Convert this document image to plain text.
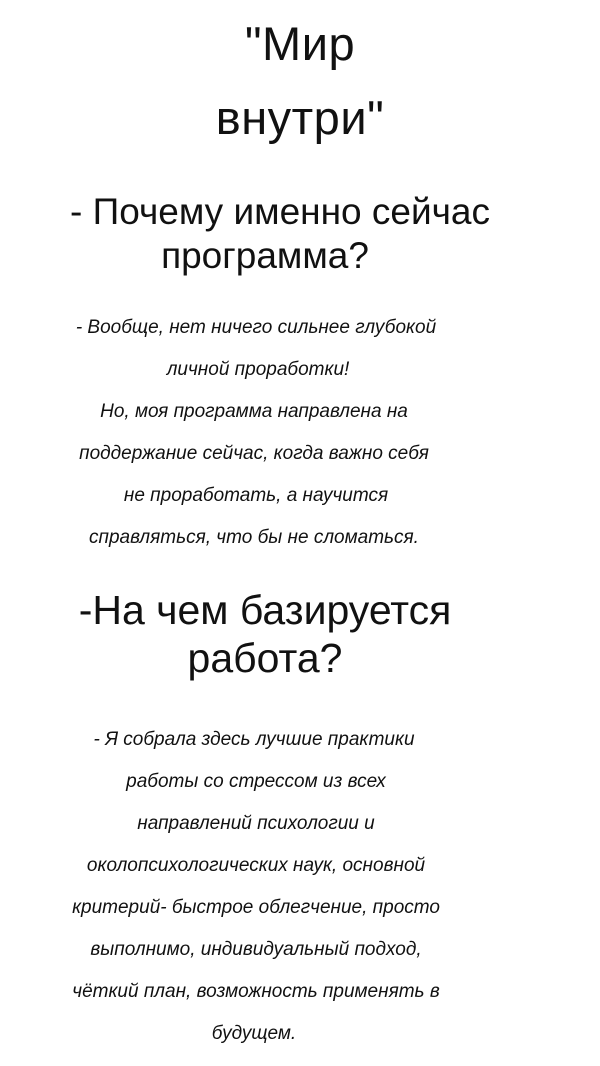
"Мир
внутри"
- Почему именно сейчас
программа?
- Вообще, нет ничего сильнее глубокой
личной проработки!
Но, моя программа направлена на
поддержание сейчас, когда важно себя
не проработать, а научится
справляться, что бы не сломаться.
-На чем базируется
работа?
- Я собрала здесь лучшие практики
работы со стрессом из всех
направлений психологии и
околопсихологических наук, основной
критерий- быстрое облегчение, просто
выполнимо, индивидуальный подход,
чёткий план, возможность применять в
будущем.
